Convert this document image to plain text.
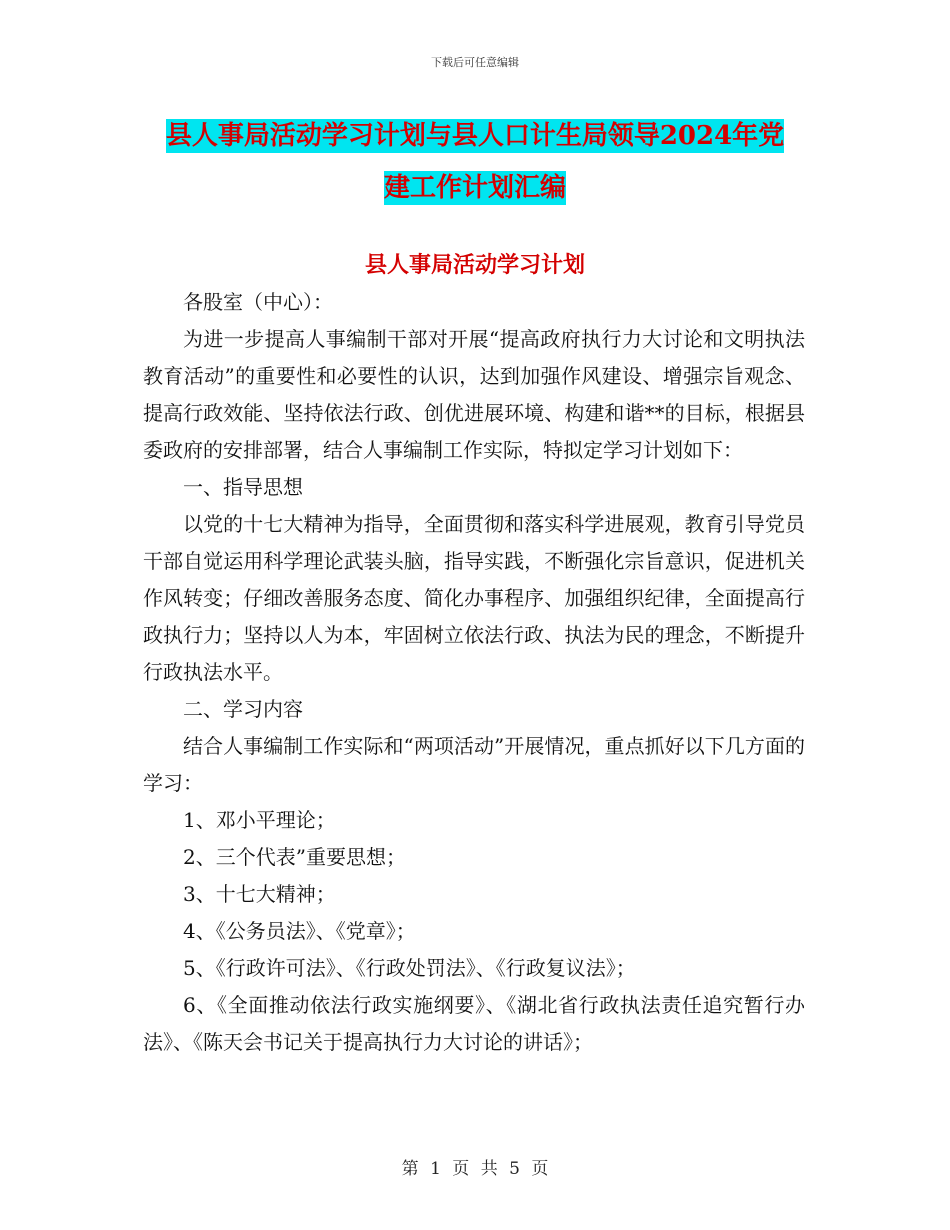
下载后可任意编辑
县人事局活动学习计划与县人口计生局领导2024年党
建工作计划汇编
县人事局活动学习计划

各股室（中心）：

为进一步提高人事编制干部对开展“提高政府执行力大讨论和文明执法教育活动”的重要性和必要性的认识，达到加强作风建设、增强宗旨观念、提高行政效能、坚持依法行政、创优进展环境、构建和谐**的目标，根据县委政府的安排部署，结合人事编制工作实际，特拟定学习计划如下：

一、指导思想

以党的十七大精神为指导，全面贯彻和落实科学进展观，教育引导党员干部自觉运用科学理论武装头脑，指导实践，不断强化宗旨意识，促进机关作风转变；仔细改善服务态度、简化办事程序、加强组织纪律，全面提高行政执行力；坚持以人为本，牢固树立依法行政、执法为民的理念，不断提升行政执法水平。

二、学习内容

结合人事编制工作实际和“两项活动”开展情况，重点抓好以下几方面的学习：

1、邓小平理论；

2、三个代表”重要思想；

3、十七大精神；

4、《公务员法》、《党章》；

5、《行政许可法》、《行政处罚法》、《行政复议法》；

6、《全面推动依法行政实施纲要》、《湖北省行政执法责任追究暂行办法》、《陈天会书记关于提高执行力大讨论的讲话》；

第 1 页 共 5 页
